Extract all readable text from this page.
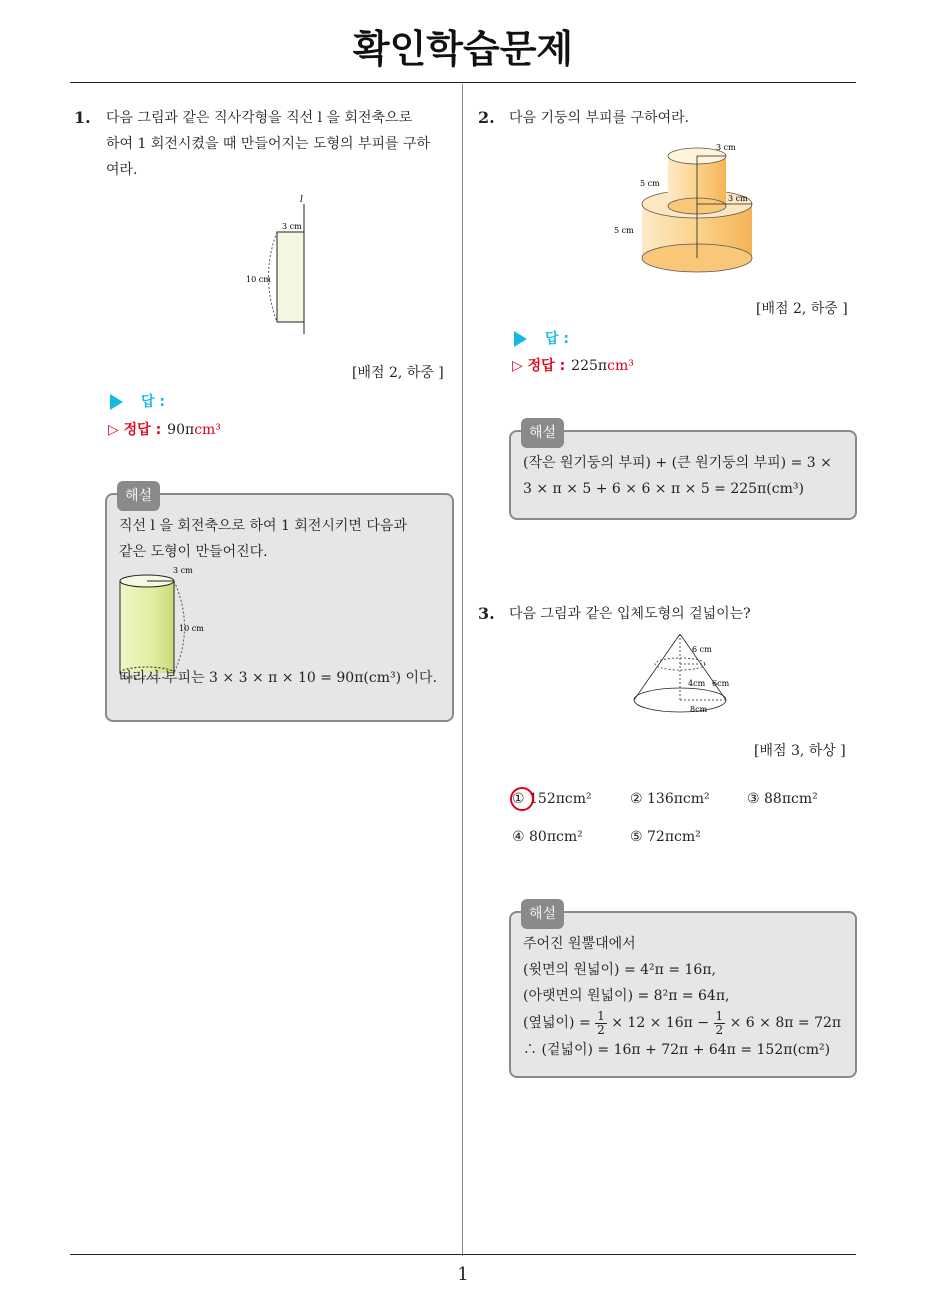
확인학습문제
1
1. 다음 그림과 같은 직사각형을 직선 l 을 회전축으로
하여 1 회전시켰을 때 만들어지는 도형의 부피를 구하
여라.
l
3 cm
10 cm
[배점 2, 하중 ]
답 :
▷ 정답 : 90πcm³
해설
직선 l 을 회전축으로 하여 1 회전시키면 다음과
같은 도형이 만들어진다.
3 cm
10 cm
따라서 부피는 3 × 3 × π × 10 = 90π(cm³) 이다.
2. 다음 기둥의 부피를 구하여라.
3 cm
5 cm
3 cm
5 cm
[배점 2, 하중 ]
답 :
▷ 정답 : 225πcm³
해설
(작은 원기둥의 부피) + (큰 원기둥의 부피) = 3 ×
3 × π × 5 + 6 × 6 × π × 5 = 225π(cm³)
3. 다음 그림과 같은 입체도형의 겉넓이는?
6 cm
4cm 6cm
8cm
[배점 3, 하상 ]
① 152πcm²	② 136πcm²	③ 88πcm²
④ 80πcm²	⑤ 72πcm²
해설
주어진 원뿔대에서
(윗면의 원넓이) = 4²π = 16π,
(아랫면의 원넓이) = 8²π = 64π,
(옆넓이) = $\frac{1}{2} \times 12 \times 16\pi - \frac{1}{2} \times 6 \times 8\pi = 72\pi$
∴ (겉넓이) = 16π + 72π + 64π = 152π(cm²)
